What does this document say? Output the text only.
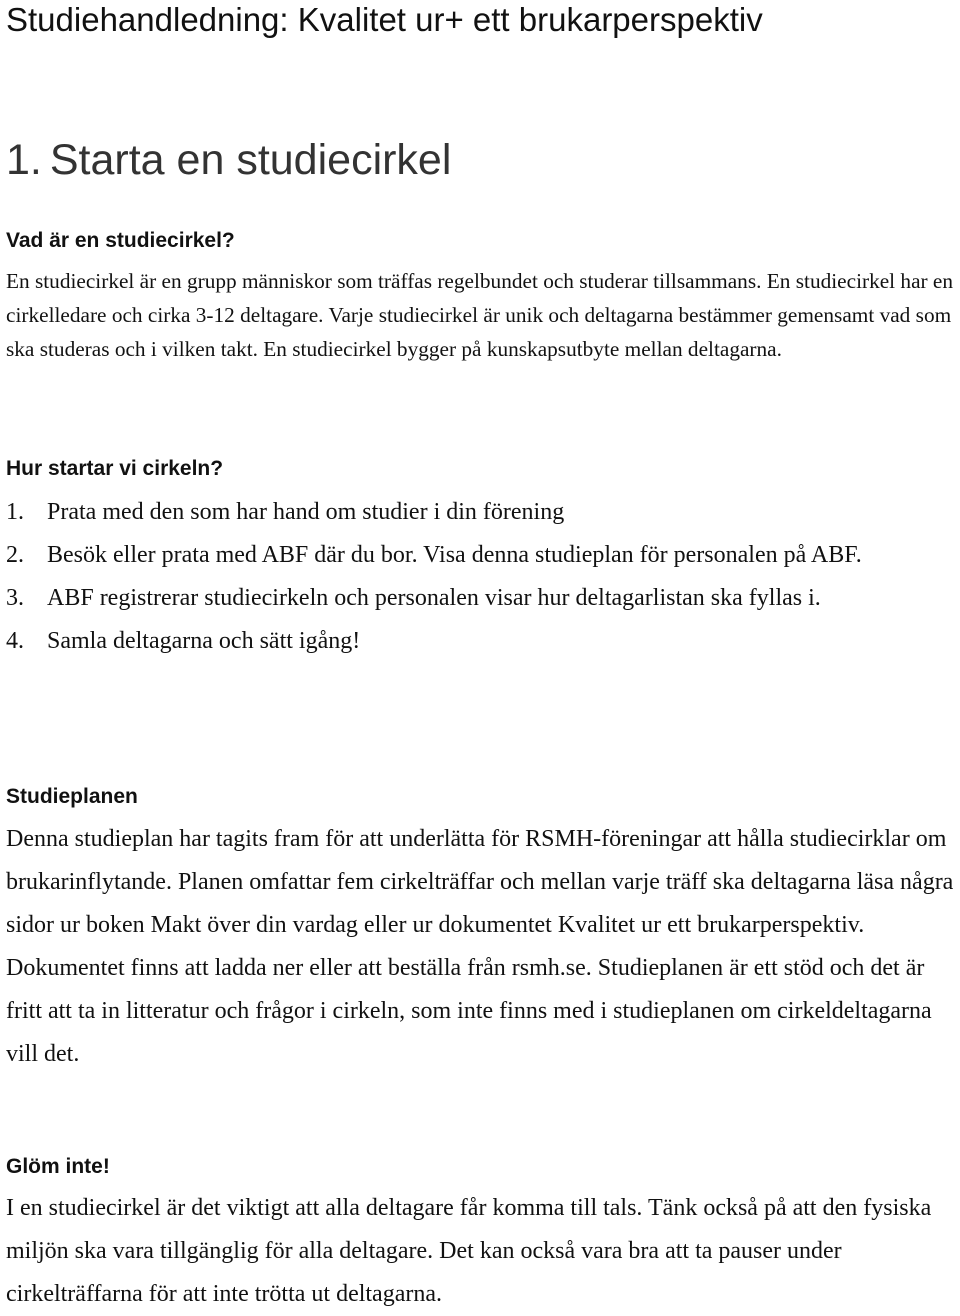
Studiehandledning: Kvalitet ur+ ett brukarperspektiv
1. Starta en studiecirkel
Vad är en studiecirkel?

En studiecirkel är en grupp människor som träffas regelbundet och studerar tillsammans. En studiecirkel har en cirkelledare och cirka 3-12 deltagare. Varje studiecirkel är unik och deltagarna bestämmer gemensamt vad som ska studeras och i vilken takt. En studiecirkel bygger på kunskapsutbyte mellan deltagarna.

Hur startar vi cirkeln?
1. Prata med den som har hand om studier i din förening
2. Besök eller prata med ABF där du bor. Visa denna studieplan för personalen på ABF.
3. ABF registrerar studiecirkeln och personalen visar hur deltagarlistan ska fyllas i.
4. Samla deltagarna och sätt igång!
Studieplanen

Denna studieplan har tagits fram för att underlätta för RSMH-föreningar att hålla studiecirklar om brukarinflytande. Planen omfattar fem cirkelträffar och mellan varje träff ska deltagarna läsa några sidor ur boken Makt över din vardag eller ur dokumentet Kvalitet ur ett brukarperspektiv. Dokumentet finns att ladda ner eller att beställa från rsmh.se. Studieplanen är ett stöd och det är fritt att ta in litteratur och frågor i cirkeln, som inte finns med i studieplanen om cirkeldeltagarna vill det.

Glöm inte!

I en studiecirkel är det viktigt att alla deltagare får komma till tals. Tänk också på att den fysiska miljön ska vara tillgänglig för alla deltagare. Det kan också vara bra att ta pauser under cirkelträffarna för att inte trötta ut deltagarna.
